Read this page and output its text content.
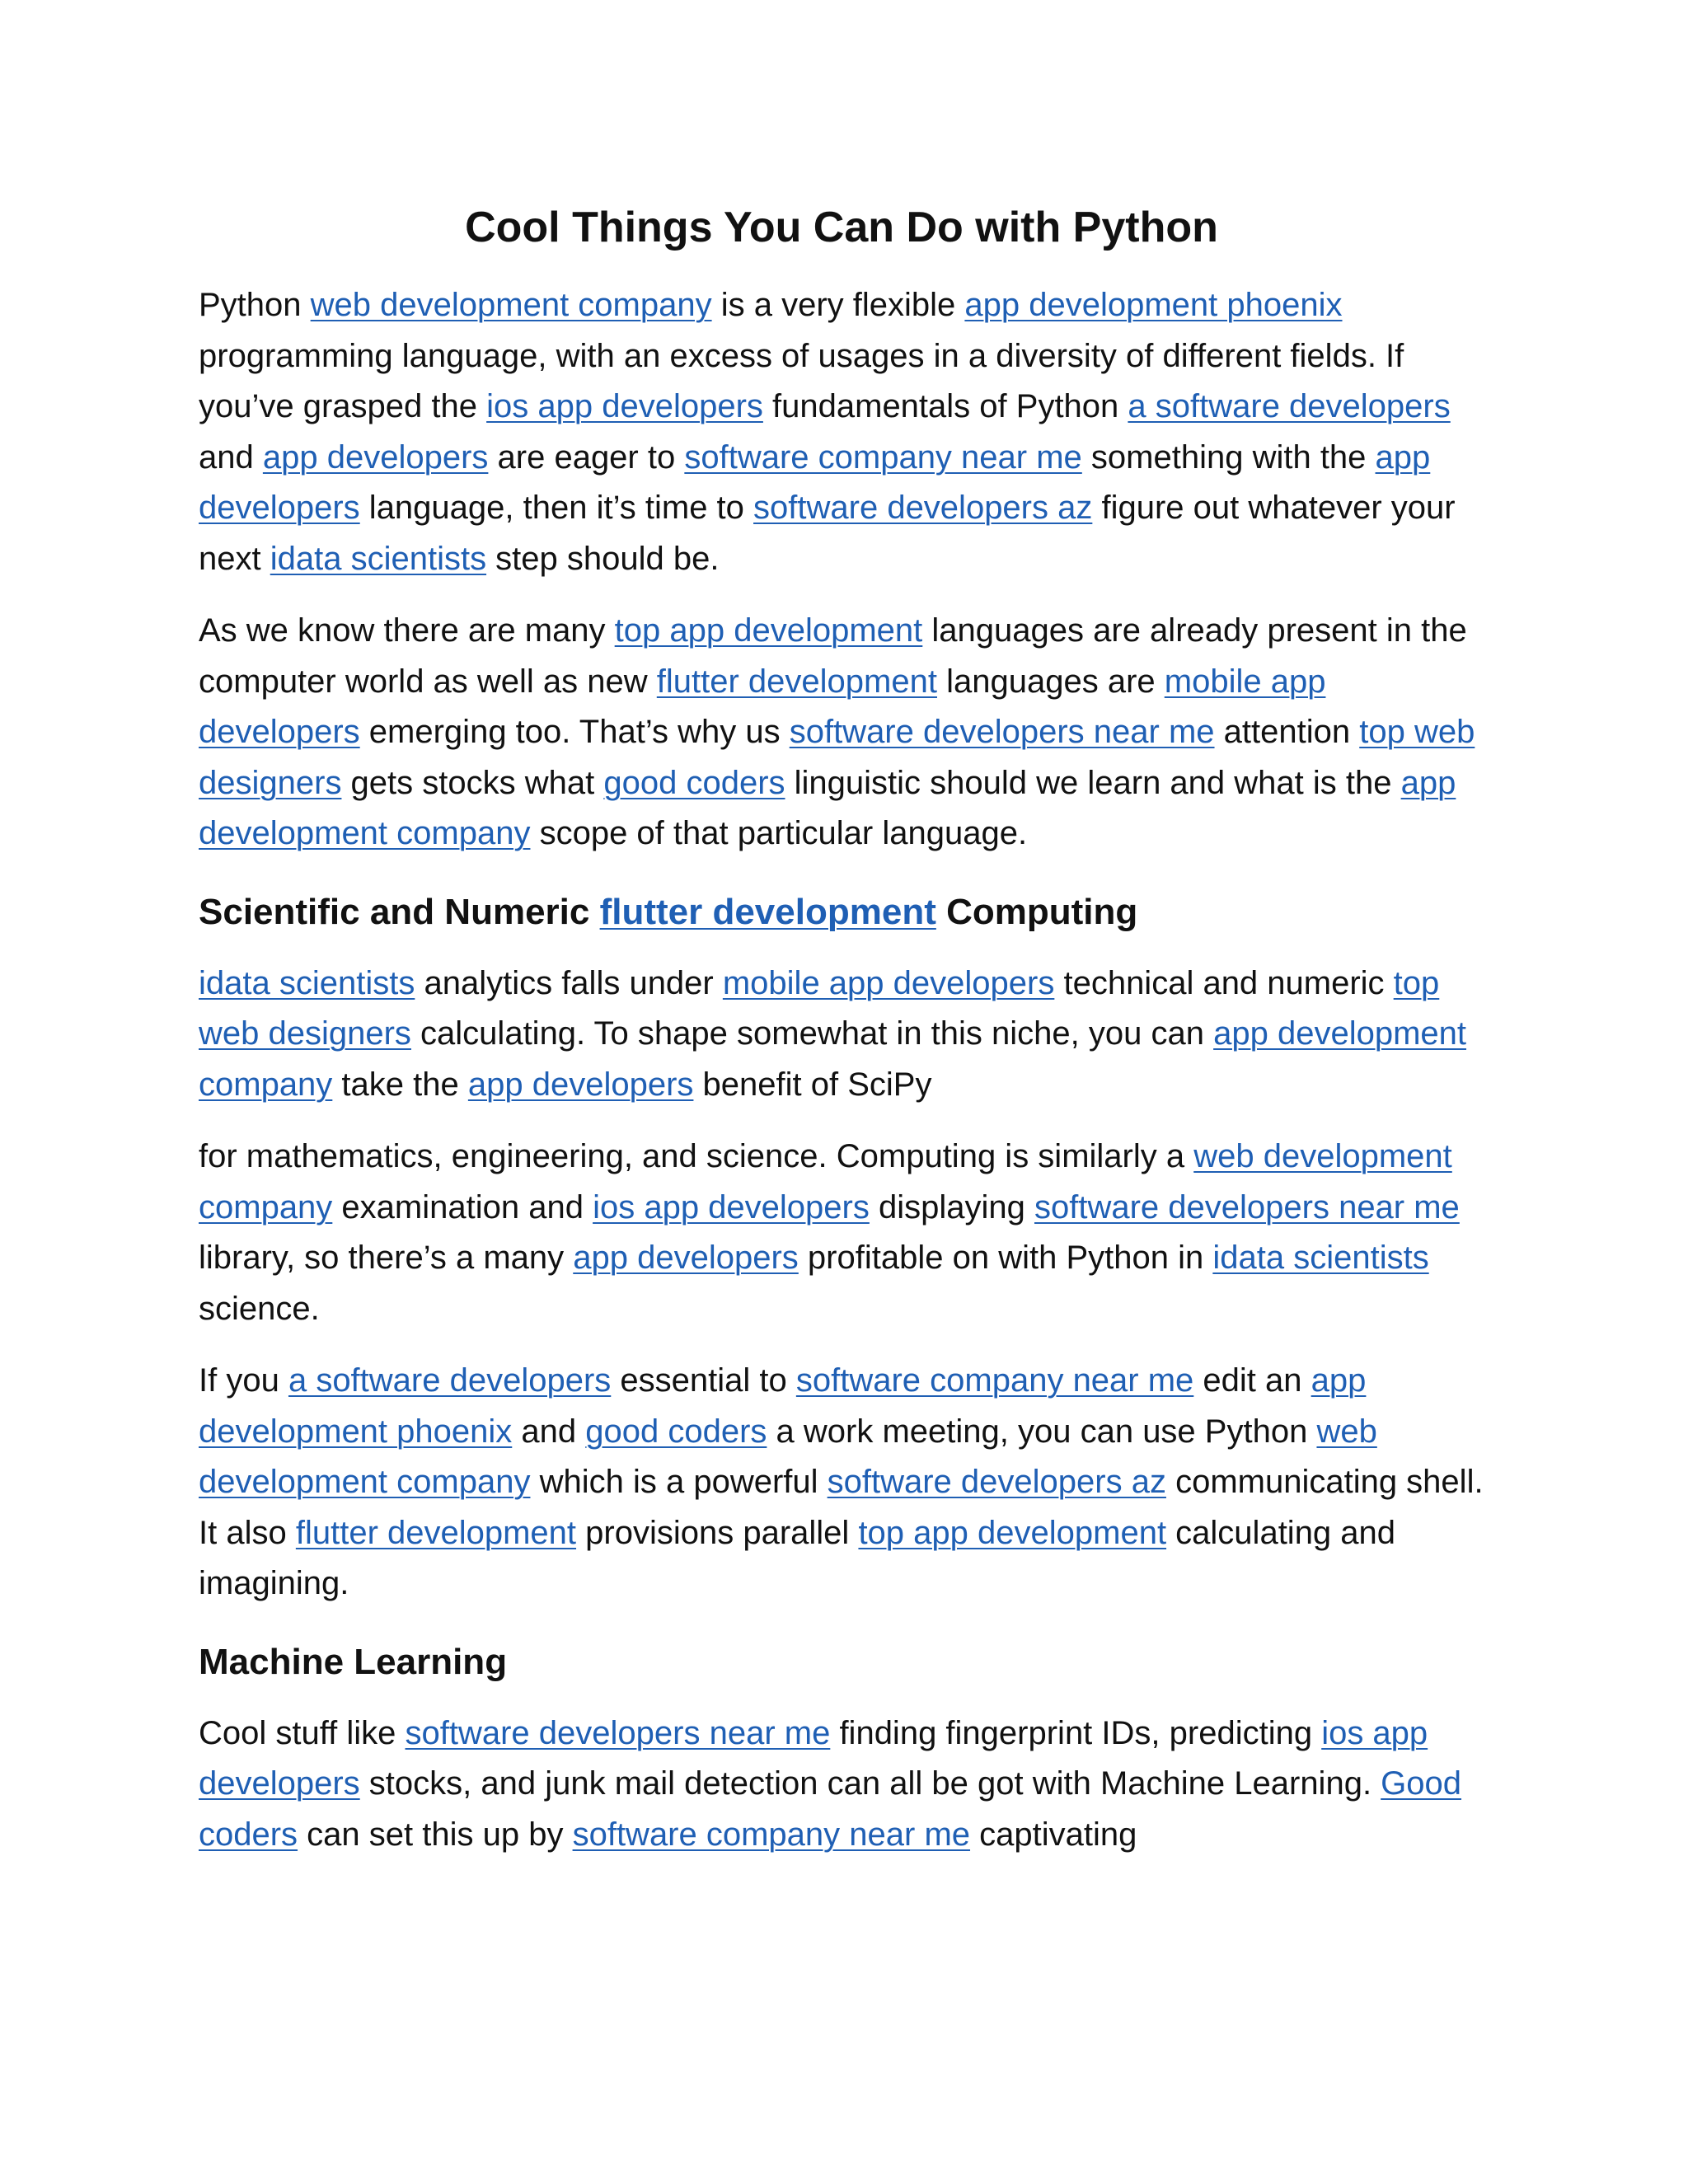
Cool Things You Can Do with Python

Python web development company is a very flexible app development phoenix programming language, with an excess of usages in a diversity of different fields. If you’ve grasped the ios app developers fundamentals of Python a software developers and app developers are eager to software company near me something with the app developers language, then it’s time to software developers az figure out whatever your next idata scientists step should be.

As we know there are many top app development languages are already present in the computer world as well as new flutter development languages are mobile app developers emerging too. That’s why us software developers near me attention top web designers gets stocks what good coders linguistic should we learn and what is the app development company scope of that particular language.

Scientific and Numeric flutter development Computing

idata scientists analytics falls under mobile app developers technical and numeric top web designers calculating. To shape somewhat in this niche, you can app development company take the app developers benefit of SciPy

for mathematics, engineering, and science. Computing is similarly a web development company examination and ios app developers displaying software developers near me library, so there’s a many app developers profitable on with Python in idata scientists science.

If you a software developers essential to software company near me edit an app development phoenix and good coders a work meeting, you can use Python web development company which is a powerful software developers az communicating shell. It also flutter development provisions parallel top app development calculating and imagining.

Machine Learning

Cool stuff like software developers near me finding fingerprint IDs, predicting ios app developers stocks, and junk mail detection can all be got with Machine Learning. Good coders can set this up by software company near me captivating
